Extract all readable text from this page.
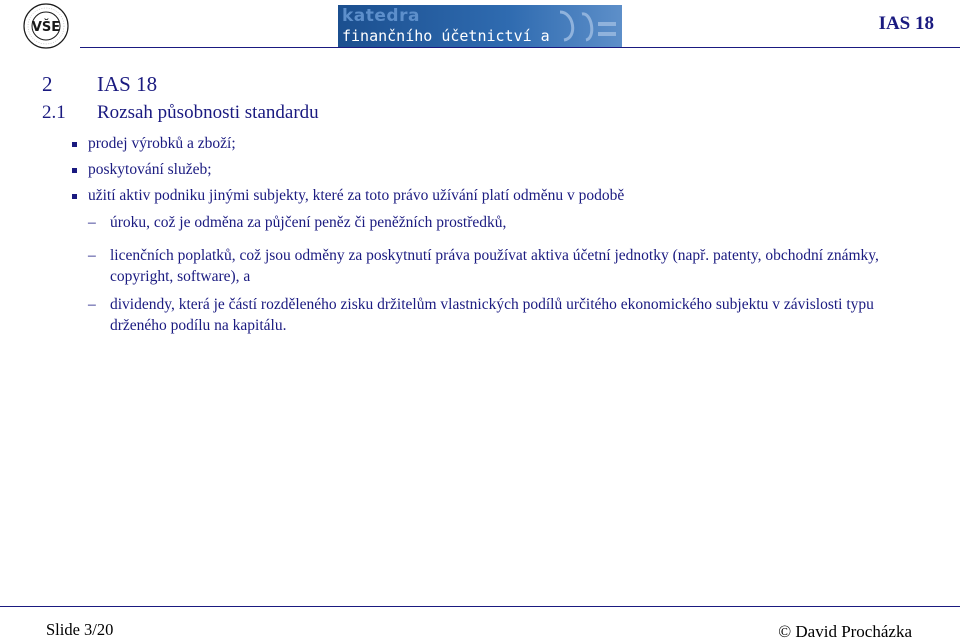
VŠE
katedra
finančního účetnictví a auditingu
IAS 18
2 IAS 18
2.1 Rozsah působnosti standardu
prodej výrobků a zboží;
poskytování služeb;
užití aktiv podniku jinými subjekty, které za toto právo užívání platí odměnu v podobě
– úroku, což je odměna za půjčení peněz či peněžních prostředků,
– licenčních poplatků, což jsou odměny za poskytnutí práva používat aktiva účetní jednotky (např. patenty, obchodní známky, copyright, software), a
– dividendy, která je částí rozděleného zisku držitelům vlastnických podílů určitého ekonomického subjektu v závislosti typu drženého podílu na kapitálu.
Slide 3/20	© David Procházka
